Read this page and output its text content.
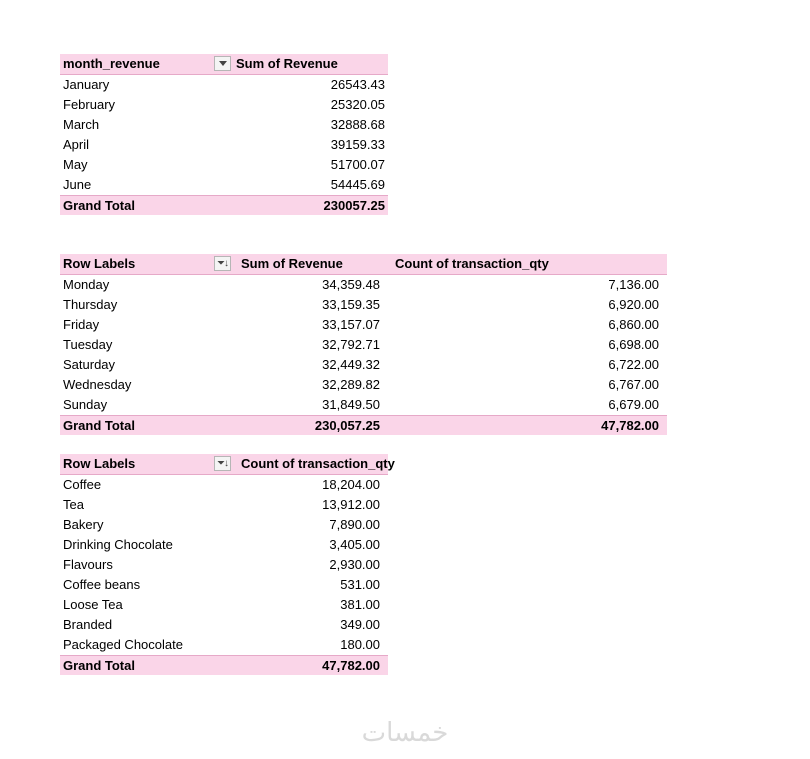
month_revenue	Sum of Revenue
January	26543.43
February	25320.05
March	32888.68
April	39159.33
May	51700.07
June	54445.69
Grand Total	230057.25
Row Labels	⏷↓ Sum of Revenue	Count of transaction_qty
Monday	34,359.48	7,136.00
Thursday	33,159.35	6,920.00
Friday	33,157.07	6,860.00
Tuesday	32,792.71	6,698.00
Saturday	32,449.32	6,722.00
Wednesday	32,289.82	6,767.00
Sunday	31,849.50	6,679.00
Grand Total	230,057.25	47,782.00
Row Labels	⏷↓ Count of transaction_qty
Coffee	18,204.00
Tea	13,912.00
Bakery	7,890.00
Drinking Chocolate	3,405.00
Flavours	2,930.00
Coffee beans	531.00
Loose Tea	381.00
Branded	349.00
Packaged Chocolate	180.00
Grand Total	47,782.00
خمسات
